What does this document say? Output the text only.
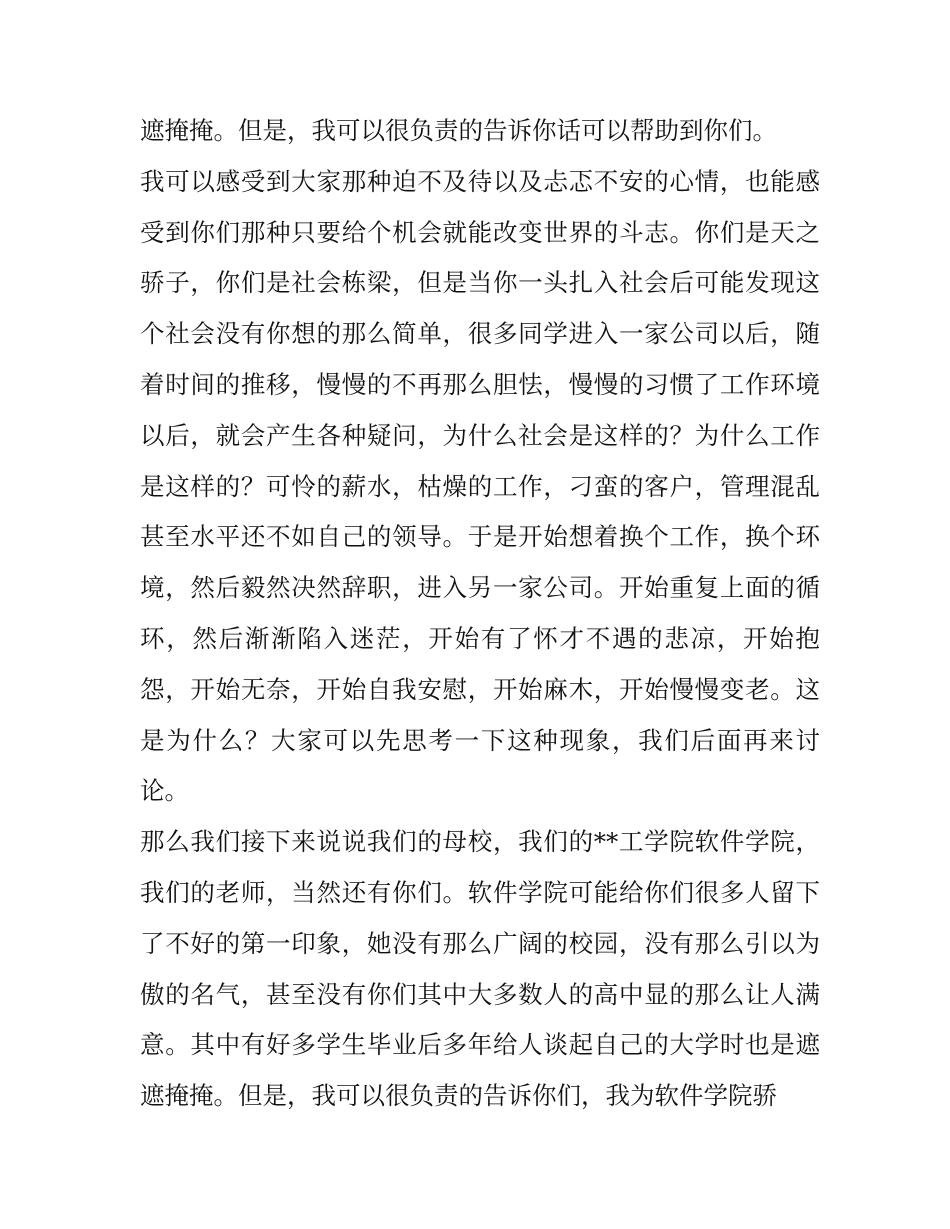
遮掩掩。但是，我可以很负责的告诉你话可以帮助到你们。
我可以感受到大家那种迫不及待以及忐忑不安的心情，也能感
受到你们那种只要给个机会就能改变世界的斗志。你们是天之
骄子，你们是社会栋梁，但是当你一头扎入社会后可能发现这
个社会没有你想的那么简单，很多同学进入一家公司以后，随
着时间的推移，慢慢的不再那么胆怯，慢慢的习惯了工作环境
以后，就会产生各种疑问，为什么社会是这样的？为什么工作
是这样的？可怜的薪水，枯燥的工作，刁蛮的客户，管理混乱
甚至水平还不如自己的领导。于是开始想着换个工作，换个环
境，然后毅然决然辞职，进入另一家公司。开始重复上面的循
环，然后渐渐陷入迷茫，开始有了怀才不遇的悲凉，开始抱
怨，开始无奈，开始自我安慰，开始麻木，开始慢慢变老。这
是为什么？大家可以先思考一下这种现象，我们后面再来讨
论。
那么我们接下来说说我们的母校，我们的**工学院软件学院，
我们的老师，当然还有你们。软件学院可能给你们很多人留下
了不好的第一印象，她没有那么广阔的校园，没有那么引以为
傲的名气，甚至没有你们其中大多数人的高中显的那么让人满
意。其中有好多学生毕业后多年给人谈起自己的大学时也是遮
遮掩掩。但是，我可以很负责的告诉你们，我为软件学院骄
